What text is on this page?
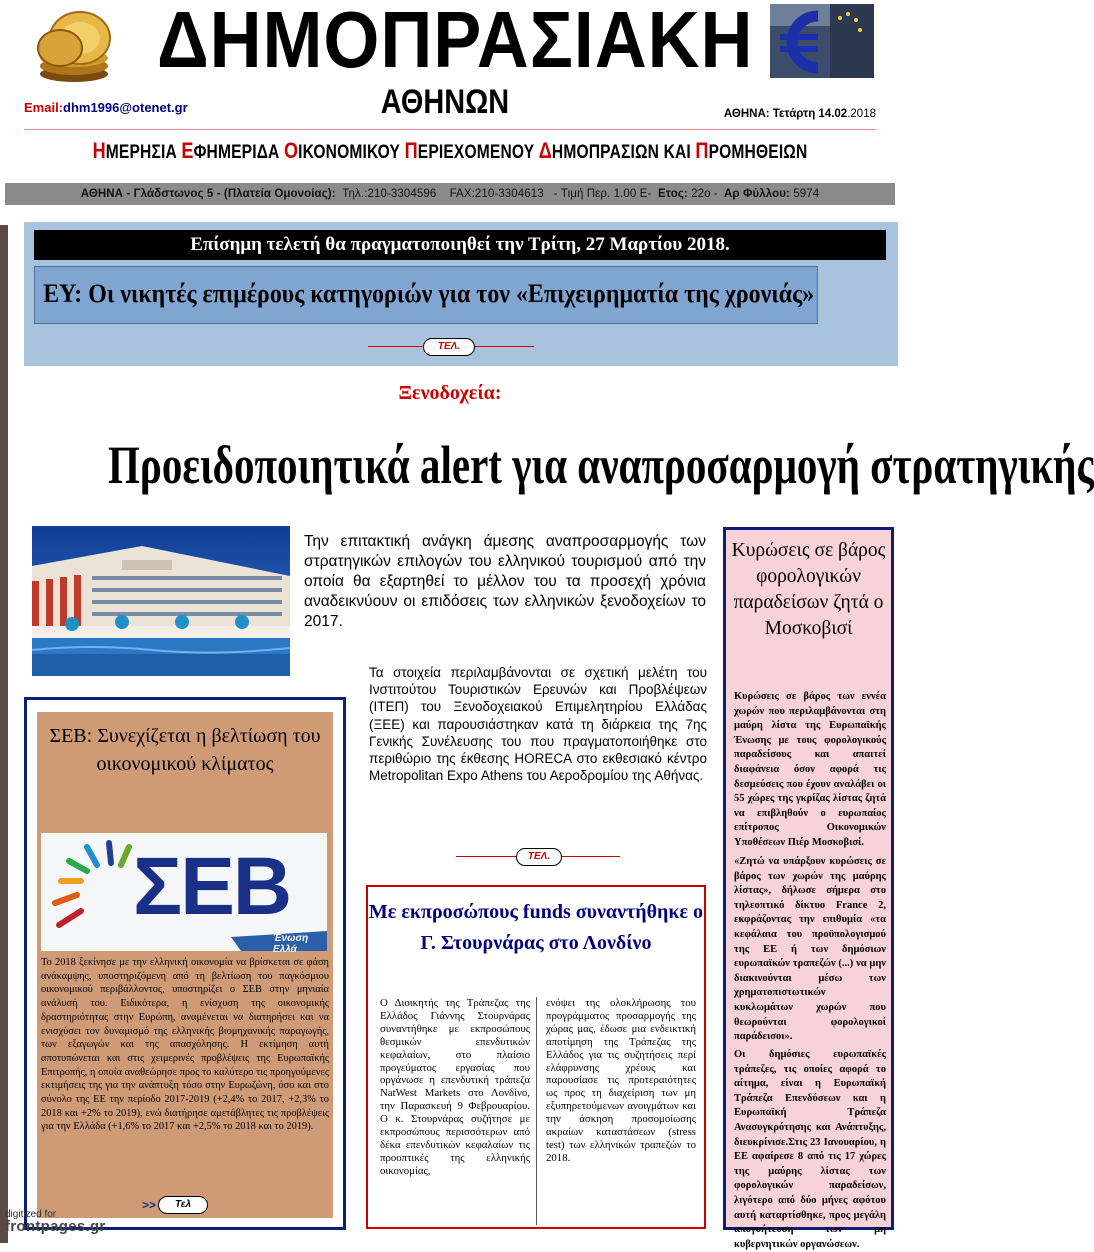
ΔΗΜΟΠΡΑΣΙΑΚΗ
ΑΘΗΝΩΝ
Email:dhm1996@otenet.gr	ΑΘΗΝΑ: Τετάρτη 14.02.2018
ΗΜΕΡΗΣΙΑ ΕΦΗΜΕΡΙΔΑ ΟΙΚΟΝΟΜΙΚΟΥ ΠΕΡΙΕΧΟΜΕΝΟΥ ΔΗΜΟΠΡΑΣΙΩΝ ΚΑΙ ΠΡΟΜΗΘΕΙΩΝ
ΑΘΗΝΑ - Γλάδστωνος 5 - (Πλατεία Ομονοίας): Τηλ.:210-3304596 FAX:210-3304613 - Τιμή Περ. 1.00 Ε- Ετος: 22ο - Αρ Φύλλου: 5974
Επίσημη τελετή θα πραγματοποιηθεί την Τρίτη, 27 Μαρτίου 2018.
ΕΥ: Οι νικητές επιμέρους κατηγοριών για τον «Επιχειρηματία της χρονιάς»
ΤΕΛ.
Ξενοδοχεία:
Προειδοποιητικά alert για αναπροσαρμογή στρατηγικής
Την επιτακτική ανάγκη άμεσης αναπροσαρμογής των στρατηγικών επιλογών του ελληνικού τουρισμού από την οποία θα εξαρτηθεί το μέλλον του τα προσεχή χρόνια αναδεικνύουν οι επιδόσεις των ελληνικών ξενοδοχείων το 2017.
Τα στοιχεία περιλαμβάνονται σε σχετική μελέτη του Ινστιτούτου Τουριστικών Ερευνών και Προβλέψεων (ΙΤΕΠ) του Ξενοδοχειακού Επιμελητηρίου Ελλάδας (ΞΕΕ) και παρουσιάστηκαν κατά τη διάρκεια της 7ης Γενικής Συνέλευσης του που πραγματοποιήθηκε στο περιθώριο της έκθεσης HORECA στο εκθεσιακό κέντρο Metropolitan Expo Athens του Αεροδρομίου της Αθήνας.
ΤΕΛ.
Κυρώσεις σε βάρος φορολογικών παραδείσων ζητά ο Μοσκοβισί
Κυρώσεις σε βάρος των εννέα χωρών που περιλαμβάνονται στη μαύρη λίστα της Ευρωπαϊκής Ένωσης με τους φορολογικούς παραδείσους και απαιτεί διαφάνεια όσον αφορά τις δεσμεύσεις που έχουν αναλάβει οι 55 χώρες της γκρίζας λίστας ζητά να επιβληθούν ο ευρωπαίος επίτροπος Οικονομικών Υποθέσεων Πιέρ Μοσκοβισί.
«Ζητώ να υπάρξουν κυρώσεις σε βάρος των χωρών της μαύρης λίστας», δήλωσε σήμερα στο τηλεοπτικό δίκτυο France 2, εκφράζοντας την επιθυμία «τα κεφάλαια του προϋπολογισμού της ΕΕ ή των δημόσιων ευρωπαϊκών τραπεζών (...) να μην διακινούνται μέσω των χρηματοπιστωτικών κυκλωμάτων χωρών που θεωρούνται φορολογικοί παράδεισοι».
Οι δημόσιες ευρωπαϊκές τράπεζες, τις οποίες αφορά το αίτημα, είναι η Ευρωπαϊκή Τράπεζα Επενδύσεων και η Ευρωπαϊκή Τράπεζα Ανασυγκρότησης και Ανάπτυξης, διευκρίνισε.Στις 23 Ιανουαρίου, η ΕΕ αφαίρεσε 8 από τις 17 χώρες της μαύρης λίστας των φορολογικών παραδείσων, λιγότερο από δύο μήνες αφότου αυτή καταρτίσθηκε, προς μεγάλη απογοήτευση των μη κυβερνητικών οργανώσεων.
ΣΕΒ: Συνεχίζεται η βελτίωση του οικονομικού κλίματος
ΣΕΒ
Ένωση Ελλά
Το 2018 ξεκίνησε με την ελληνική οικονομία να βρίσκεται σε φάση ανάκαμψης, υποστηριζόμενη από τη βελτίωση του παγκόσμιου οικονομικού περιβάλλοντος, υποστηρίζει ο ΣΕΒ στην μηνιαία ανάλυσή του. Ειδικότερα, η ενίσχυση της οικονομικής δραστηριότητας στην Ευρώπη, αναμένεται να διατηρήσει και να ενισχύσει τον δυναμισμό της ελληνικής βιομηχανικής παραγωγής, των εξαγωγών και της απασχόλησης. Η εκτίμηση αυτή αποτυπώνεται και στις χειμερινές προβλέψεις της Ευρωπαϊκής Επιτροπής, η οποία αναθεώρησε προς το καλύτερο τις προηγούμενες εκτιμήσεις της για την ανάπτυξη τόσο στην Ευρωζώνη, όσο και στο σύνολο της ΕΕ την περίοδο 2017-2019 (+2,4% το 2017, +2,3% το 2018 και +2% το 2019), ενώ διατήρησε αμετάβλητες τις προβλέψεις για την Ελλάδα (+1,6% το 2017 και +2,5% το 2018 και το 2019).
>>	Τελ
Με εκπροσώπους funds συναντήθηκε ο Γ. Στουρνάρας στο Λονδίνο
Ο Διοικητής της Τράπεζας της Ελλάδος Γιάννης Στουρνάρας συναντήθηκε με εκπροσώπους θεσμικών επενδυτικών κεφαλαίων, στο πλαίσιο προγεύματος εργασίας που οργάνωσε η επενδυτική τράπεζα NatWest Markets στο Λονδίνο, την Παρασκευή 9 Φεβρουαρίου. Ο κ. Στουρνάρας συζήτησε με εκπροσώπους περισσότερων από δέκα επενδυτικών κεφαλαίων τις προοπτικές της ελληνικής οικονομίας,
ενόψει της ολοκλήρωσης του προγράμματος προσαρμογής της χώρας μας, έδωσε μια ενδεικτική αποτίμηση της Τράπεζας της Ελλάδος για τις συζητήσεις περί ελάφρυνσης χρέους και παρουσίασε τις προτεραιότητες ως προς τη διαχείριση των μη εξυπηρετούμενων ανοιγμάτων και την άσκηση προσομοίωσης ακραίων καταστάσεων (stress test) των ελληνικών τραπεζών το 2018.
digitized for
frontpages.gr
